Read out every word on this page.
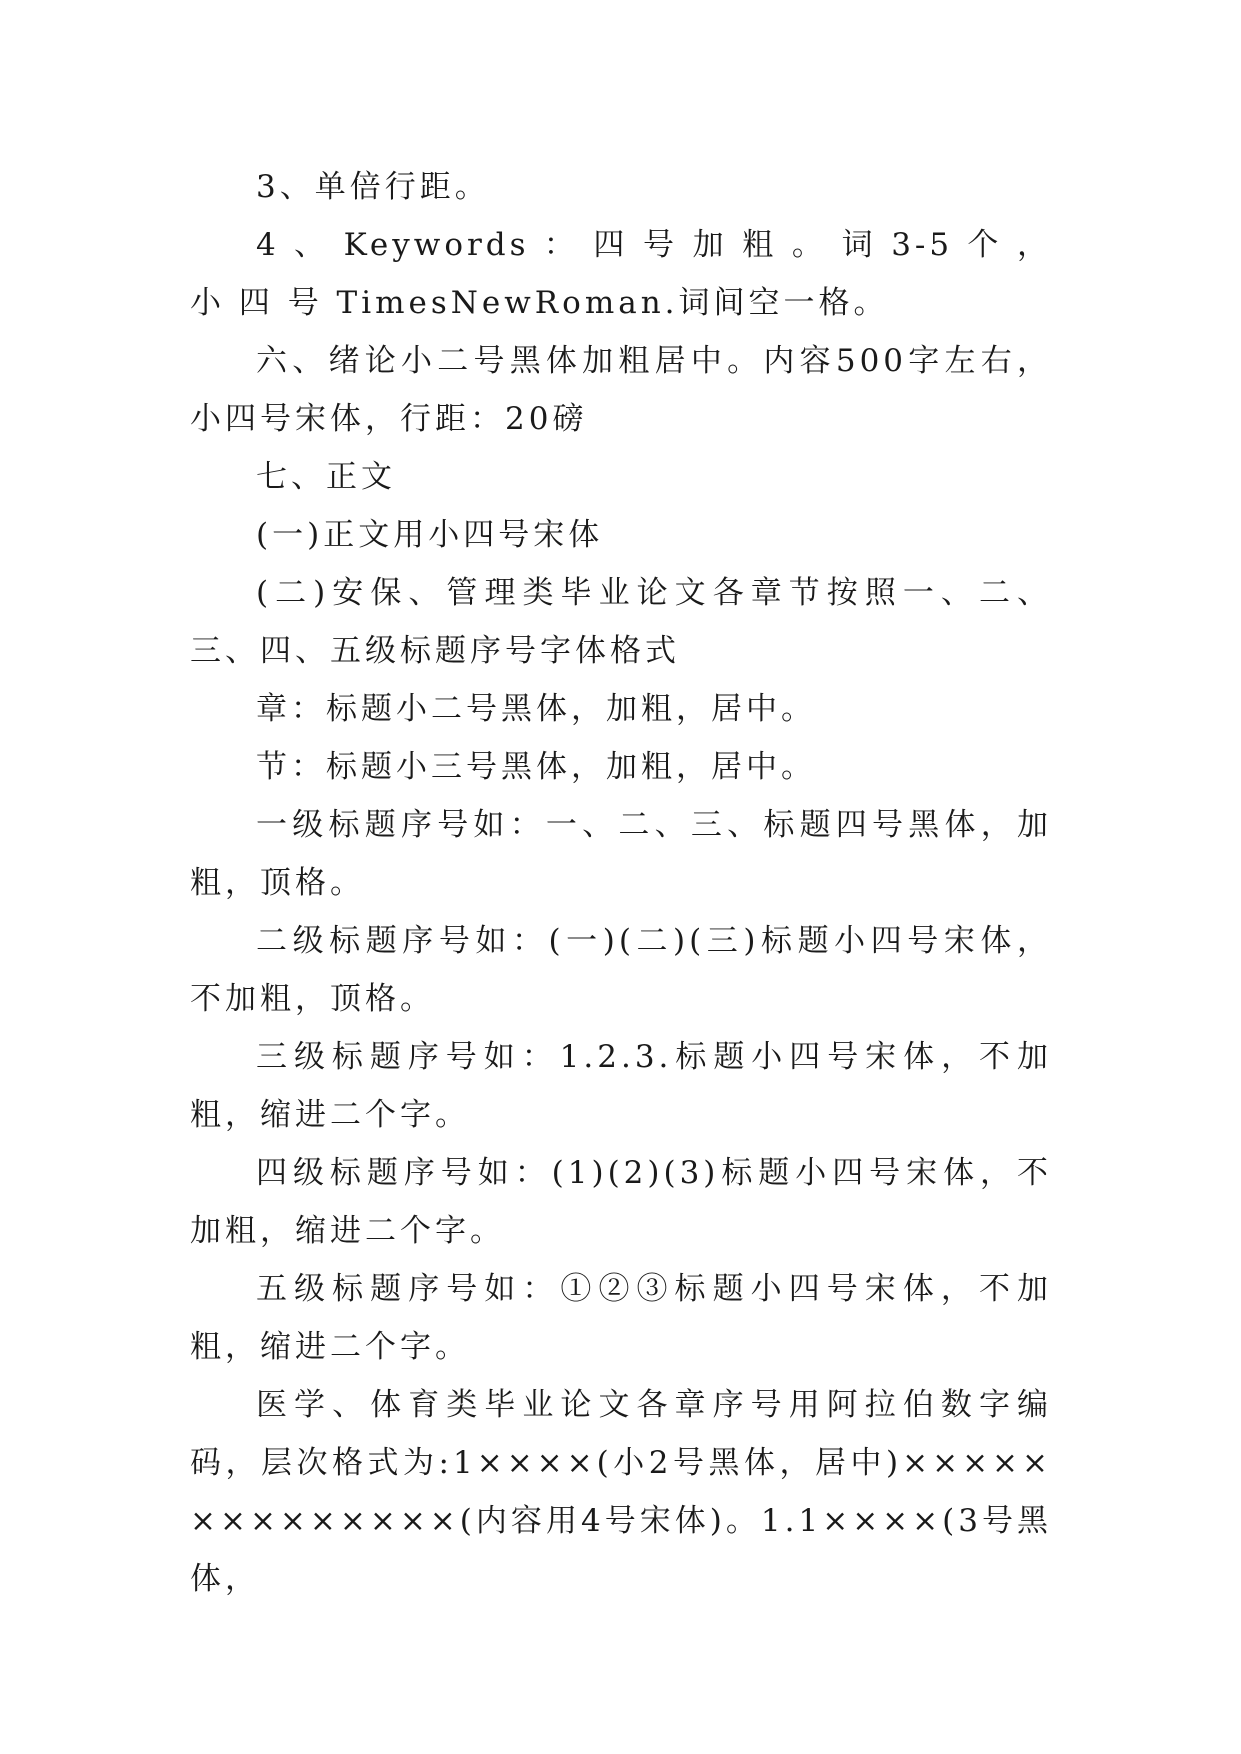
3、单倍行距。

4 、 Keywords ： 四 号 加 粗 。 词 3-5 个 ， 小 四 号 TimesNewRoman.词间空一格。

六、绪论小二号黑体加粗居中。内容500字左右，小四号宋体，行距：20磅

七、正文

(一)正文用小四号宋体

(二)安保、管理类毕业论文各章节按照一、二、三、四、五级标题序号字体格式

章：标题小二号黑体，加粗，居中。

节：标题小三号黑体，加粗，居中。

一级标题序号如：一、二、三、标题四号黑体，加粗，顶格。

二级标题序号如：(一)(二)(三)标题小四号宋体，不加粗，顶格。

三级标题序号如：1.2.3.标题小四号宋体，不加粗，缩进二个字。

四级标题序号如：(1)(2)(3)标题小四号宋体，不加粗，缩进二个字。

五级标题序号如：①②③标题小四号宋体，不加粗，缩进二个字。

医学、体育类毕业论文各章序号用阿拉伯数字编码，层次格式为:1××××(小2号黑体，居中)××××××××××××××(内容用4号宋体)。1.1××××(3号黑体，
